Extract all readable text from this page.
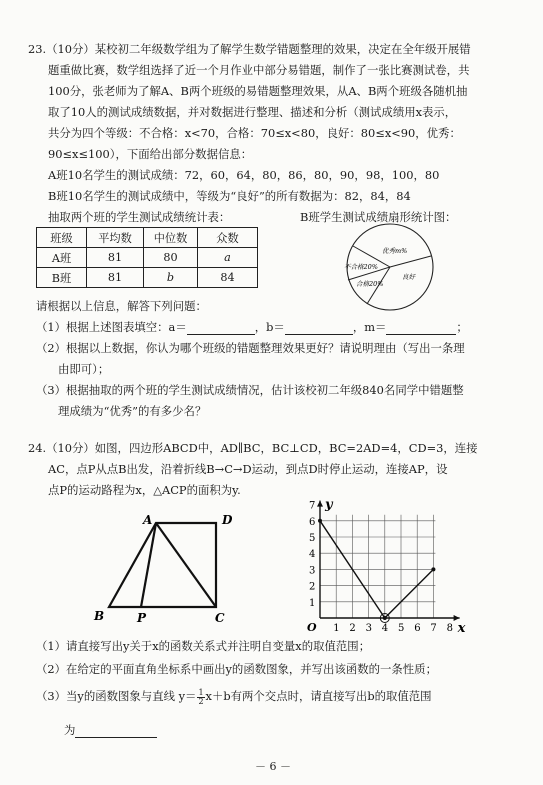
23.（10分）某校初二年级数学组为了解学生数学错题整理的效果，决定在全年级开展错
题重做比赛，数学组选择了近一个月作业中部分易错题，制作了一张比赛测试卷，共
100分，张老师为了解A、B两个班级的易错题整理效果，从A、B两个班级各随机抽
取了10人的测试成绩数据，并对数据进行整理、描述和分析（测试成绩用x表示，
共分为四个等级：不合格：x<70，合格：70≤x<80，良好：80≤x<90，优秀：
90≤x≤100），下面给出部分数据信息：
A班10名学生的测试成绩：72，60，64，80，86，80，90，98，100，80
B班10名学生的测试成绩中，等级为“良好”的所有数据为：82，84，84
抽取两个班的学生测试成绩统计表：	B班学生测试成绩扇形统计图：
班级	平均数	中位数	众数
A班	81	80	a
B班	81	b	84
优秀m%
不合格20%
合格20%
良好
请根据以上信息，解答下列问题：
（1）根据上述图表填空：a＝	，b＝	，m＝	；
（2）根据以上数据，你认为哪个班级的错题整理效果更好？请说明理由（写出一条理
由即可）；
（3）根据抽取的两个班的学生测试成绩情况，估计该校初二年级840名同学中错题整
理成绩为“优秀”的有多少名？
24.（10分）如图，四边形ABCD中，AD∥BC，BC⊥CD，BC=2AD=4，CD=3，连接
AC，点P从点B出发，沿着折线B→C→D运动，到点D时停止运动，连接AP，设
点P的运动路程为x，△ACP的面积为y.
A	D
B	P	C
1 2 3 4 5 6 7 8
1
2
3
4
5
6
7
O	x
y
（1）请直接写出y关于x的函数关系式并注明自变量x的取值范围；
（2）在给定的平面直角坐标系中画出y的函数图象，并写出该函数的一条性质；
（3）当y的函数图象与直线 $y= \frac{1}{2} x+b$有两个交点时，请直接写出b的取值范围
为
－ 6 －
